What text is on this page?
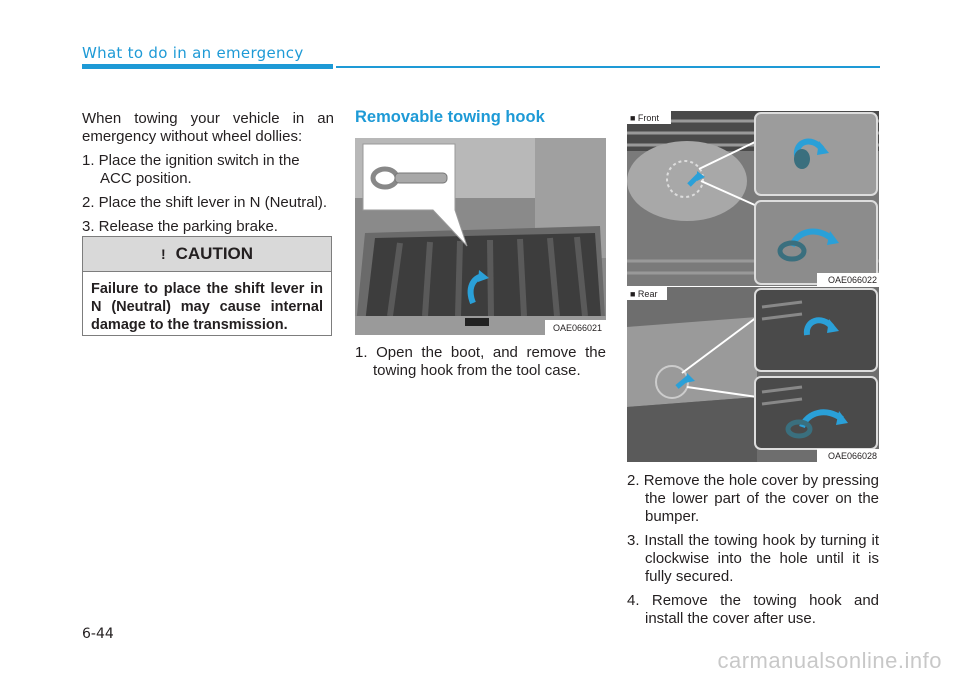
What to do in an emergency

When towing your vehicle in an emergency without wheel dollies:

1. Place the ignition switch in the ACC position.
2. Place the shift lever in N (Neutral).
3. Release the parking brake.
! CAUTION
Failure to place the shift lever in N (Neutral) may cause internal damage to the transmission.
Removable towing hook
OAE066021
1. Open the boot, and remove the towing hook from the tool case.
■ Front
OAE066022
■ Rear
OAE066028
2. Remove the hole cover by pressing the lower part of the cover on the bumper.
3. Install the towing hook by turning it clockwise into the hole until it is fully secured.
4. Remove the towing hook and install the cover after use.
6-44
carmanualsonline.info
